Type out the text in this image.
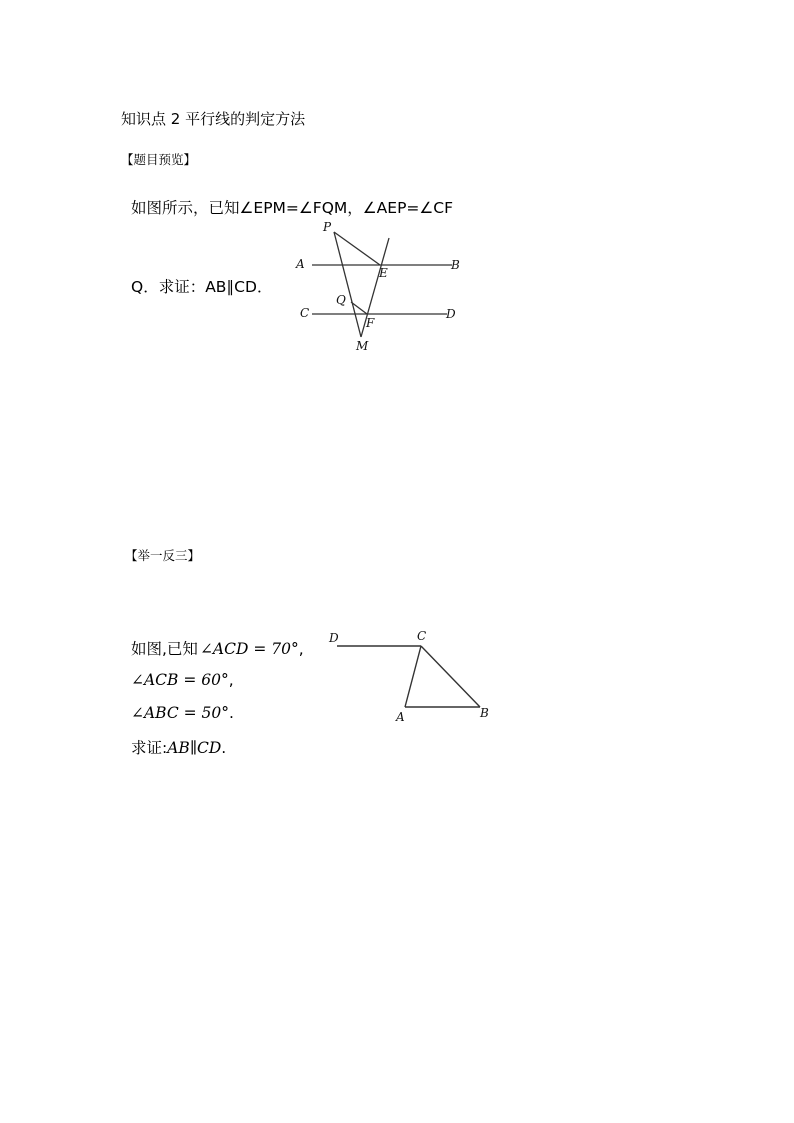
知识点 2 平行线的判定方法
【题目预览】
如图所示，已知∠EPM=∠FQM，∠AEP=∠CF
Q．求证：AB∥CD．
P
A
E
B
Q
C
F
D
M
【举一反三】
如图,已知 ∠ACD = 70°,
∠ACB = 60°,
∠ABC = 50°.
求证:AB∥CD.
D	C
A	B
